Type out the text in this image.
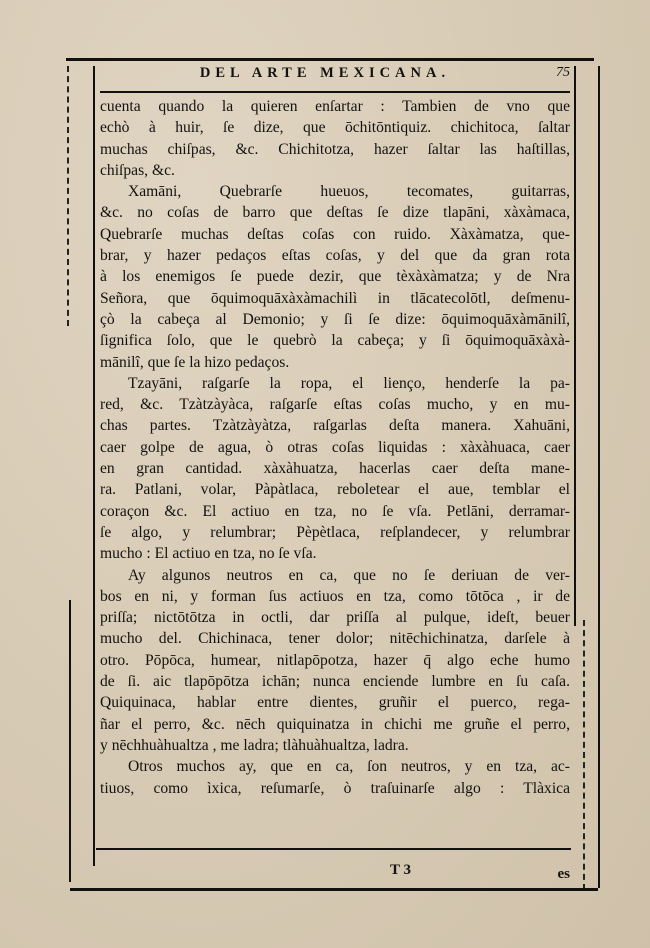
DEL ARTE MEXICANA.	75
cuenta quando la quieren enſartar : Tambien de vno que
echò à huir, ſe dize, que ōchitōntiquiz. chichitoca, ſaltar
muchas chiſpas, &c. Chichitotza, hazer ſaltar las haſtillas,
chiſpas, &c.
Xamāni, Quebrarſe hueuos, tecomates, guitarras,
&c. no coſas de barro que deſtas ſe dize tlapāni, xàxàmaca,
Quebrarſe muchas deſtas coſas con ruido. Xàxàmatza, que-
brar, y hazer pedaços eſtas coſas, y del que da gran rota
à los enemigos ſe puede dezir, que tèxàxàmatza; y de Nra
Señora, que ōquimoquāxàxàmachilì in tlācatecolōtl, deſmenu-
çò la cabeça al Demonio; y ſi ſe dize: ōquimoquāxàmānilî,
ſignifica ſolo, que le quebrò la cabeça; y ſi ōquimoquāxàxà-
mānilî, que ſe la hizo pedaços.
Tzayāni, raſgarſe la ropa, el lienço, henderſe la pa-
red, &c. Tzàtzàyàca, raſgarſe eſtas coſas mucho, y en mu-
chas partes. Tzàtzàyàtza, raſgarlas deſta manera. Xahuāni,
caer golpe de agua, ò otras coſas liquidas : xàxàhuaca, caer
en gran cantidad. xàxàhuatza, hacerlas caer deſta mane-
ra. Patlani, volar, Pàpàtlaca, reboletear el aue, temblar el
coraçon &c. El actiuo en tza, no ſe vſa. Petlāni, derramar-
ſe algo, y relumbrar; Pèpètlaca, reſplandecer, y relumbrar
mucho : El actiuo en tza, no ſe vſa.
Ay algunos neutros en ca, que no ſe deriuan de ver-
bos en ni, y forman ſus actiuos en tza, como tōtōca , ir de
priſſa; nictōtōtza in octli, dar priſſa al pulque, ideſt, beuer
mucho del. Chichinaca, tener dolor; nitēchichinatza, darſele à
otro. Pōpōca, humear, nitlapōpotza, hazer q̄ algo eche humo
de ſi. aic tlapōpōtza ichān; nunca enciende lumbre en ſu caſa.
Quiquinaca, hablar entre dientes, gruñir el puerco, rega-
ñar el perro, &c. nēch quiquinatza in chichi me gruñe el perro,
y nēchhuàhualtza , me ladra; tlàhuàhualtza, ladra.
Otros muchos ay, que en ca, ſon neutros, y en tza, ac-
tiuos, como ìxica, reſumarſe, ò traſuinarſe algo : Tlàxica
T 3	es
